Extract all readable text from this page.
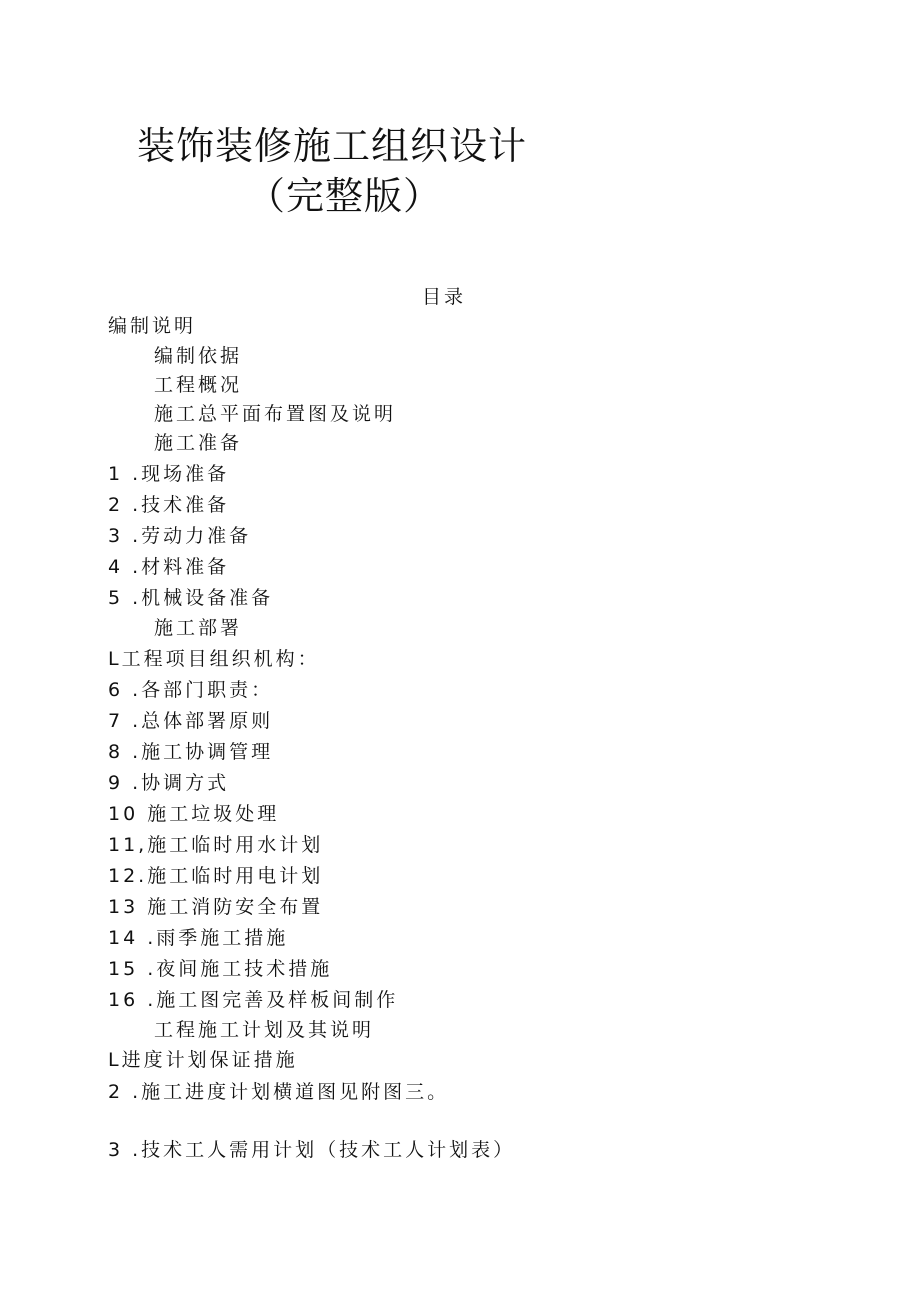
装饰装修施工组织设计
（完整版）
目录
编制说明
编制依据
工程概况
施工总平面布置图及说明
施工准备
1 .现场准备
2 .技术准备
3 .劳动力准备
4 .材料准备
5 .机械设备准备
施工部署
L工程项目组织机构：
6 .各部门职责：
7 .总体部署原则
8 .施工协调管理
9 .协调方式
10 施工垃圾处理
11,施工临时用水计划
12.施工临时用电计划
13 施工消防安全布置
14 .雨季施工措施
15 .夜间施工技术措施
16 .施工图完善及样板间制作
工程施工计划及其说明
L进度计划保证措施
2 .施工进度计划横道图见附图三。
3 .技术工人需用计划（技术工人计划表）
